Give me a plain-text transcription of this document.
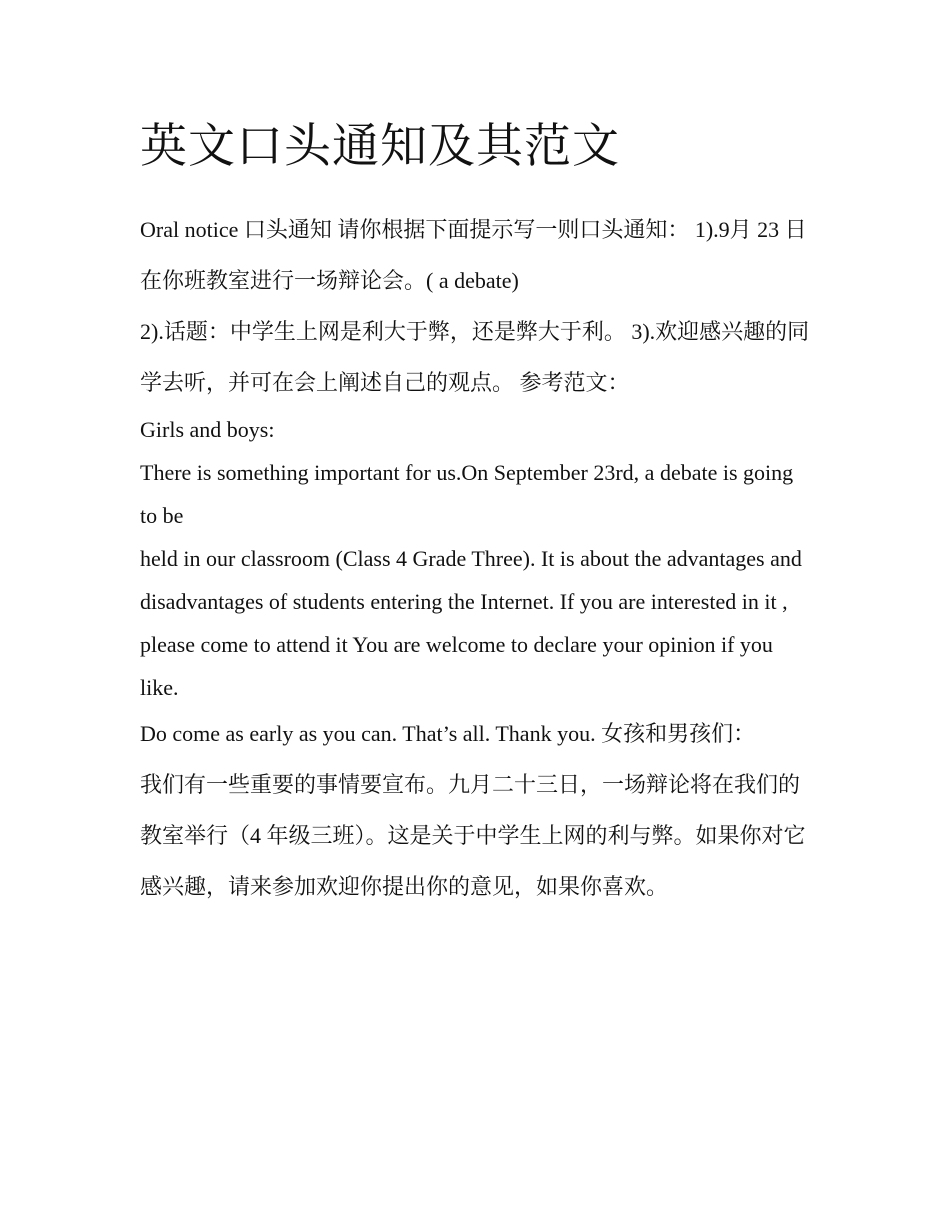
英文口头通知及其范文

Oral notice 口头通知 请你根据下面提示写一则口头通知： 1).9月 23 日在你班教室进行一场辩论会。( a debate)

2).话题：中学生上网是利大于弊，还是弊大于利。 3).欢迎感兴趣的同学去听，并可在会上阐述自己的观点。 参考范文：

Girls and boys:

There is something important for us.On September 23rd, a debate is going to be

held in our classroom (Class 4 Grade Three). It is about the advantages and

disadvantages of students entering the Internet. If you are interested in it ,

please come to attend it You are welcome to declare your opinion if you like.

Do come as early as you can. That’s all. Thank you. 女孩和男孩们：

我们有一些重要的事情要宣布。九月二十三日，一场辩论将在我们的教室举行（4 年级三班）。这是关于中学生上网的利与弊。如果你对它感兴趣，请来参加欢迎你提出你的意见，如果你喜欢。
